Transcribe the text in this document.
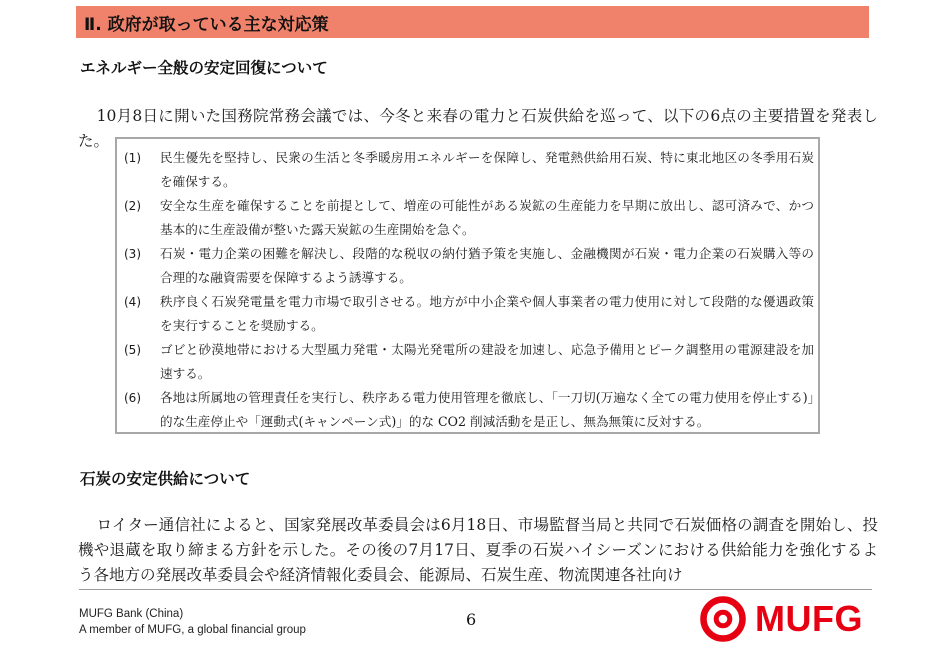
Ⅱ. 政府が取っている主な対応策
エネルギー全般の安定回復について

10月8日に開いた国務院常務会議では、今冬と来春の電力と石炭供給を巡って、以下の6点の主要措置を発表した。

(1)	民生優先を堅持し、民衆の生活と冬季暖房用エネルギーを保障し、発電熱供給用石炭、特に東北地区の冬季用石炭を確保する。
(2)	安全な生産を確保することを前提として、増産の可能性がある炭鉱の生産能力を早期に放出し、認可済みで、かつ基本的に生産設備が整いた露天炭鉱の生産開始を急ぐ。
(3)	石炭・電力企業の困難を解決し、段階的な税収の納付猶予策を実施し、金融機関が石炭・電力企業の石炭購入等の合理的な融資需要を保障するよう誘導する。
(4)	秩序良く石炭発電量を電力市場で取引させる。地方が中小企業や個人事業者の電力使用に対して段階的な優遇政策を実行することを奨励する。
(5)	ゴビと砂漠地帯における大型風力発電・太陽光発電所の建設を加速し、応急予備用とピーク調整用の電源建設を加速する。
(6)	各地は所属地の管理責任を実行し、秩序ある電力使用管理を徹底し、「一刀切(万遍なく全ての電力使用を停止する)」的な生産停止や「運動式(キャンペーン式)」的な CO2 削減活動を是正し、無為無策に反対する。
石炭の安定供給について

ロイター通信社によると、国家発展改革委員会は6月18日、市場監督当局と共同で石炭価格の調査を開始し、投機や退蔵を取り締まる方針を示した。その後の7月17日、夏季の石炭ハイシーズンにおける供給能力を強化するよう各地方の発展改革委員会や経済情報化委員会、能源局、石炭生産、物流関連各社向け

MUFG Bank (China)
A member of MUFG, a global financial group
6	MUFG
